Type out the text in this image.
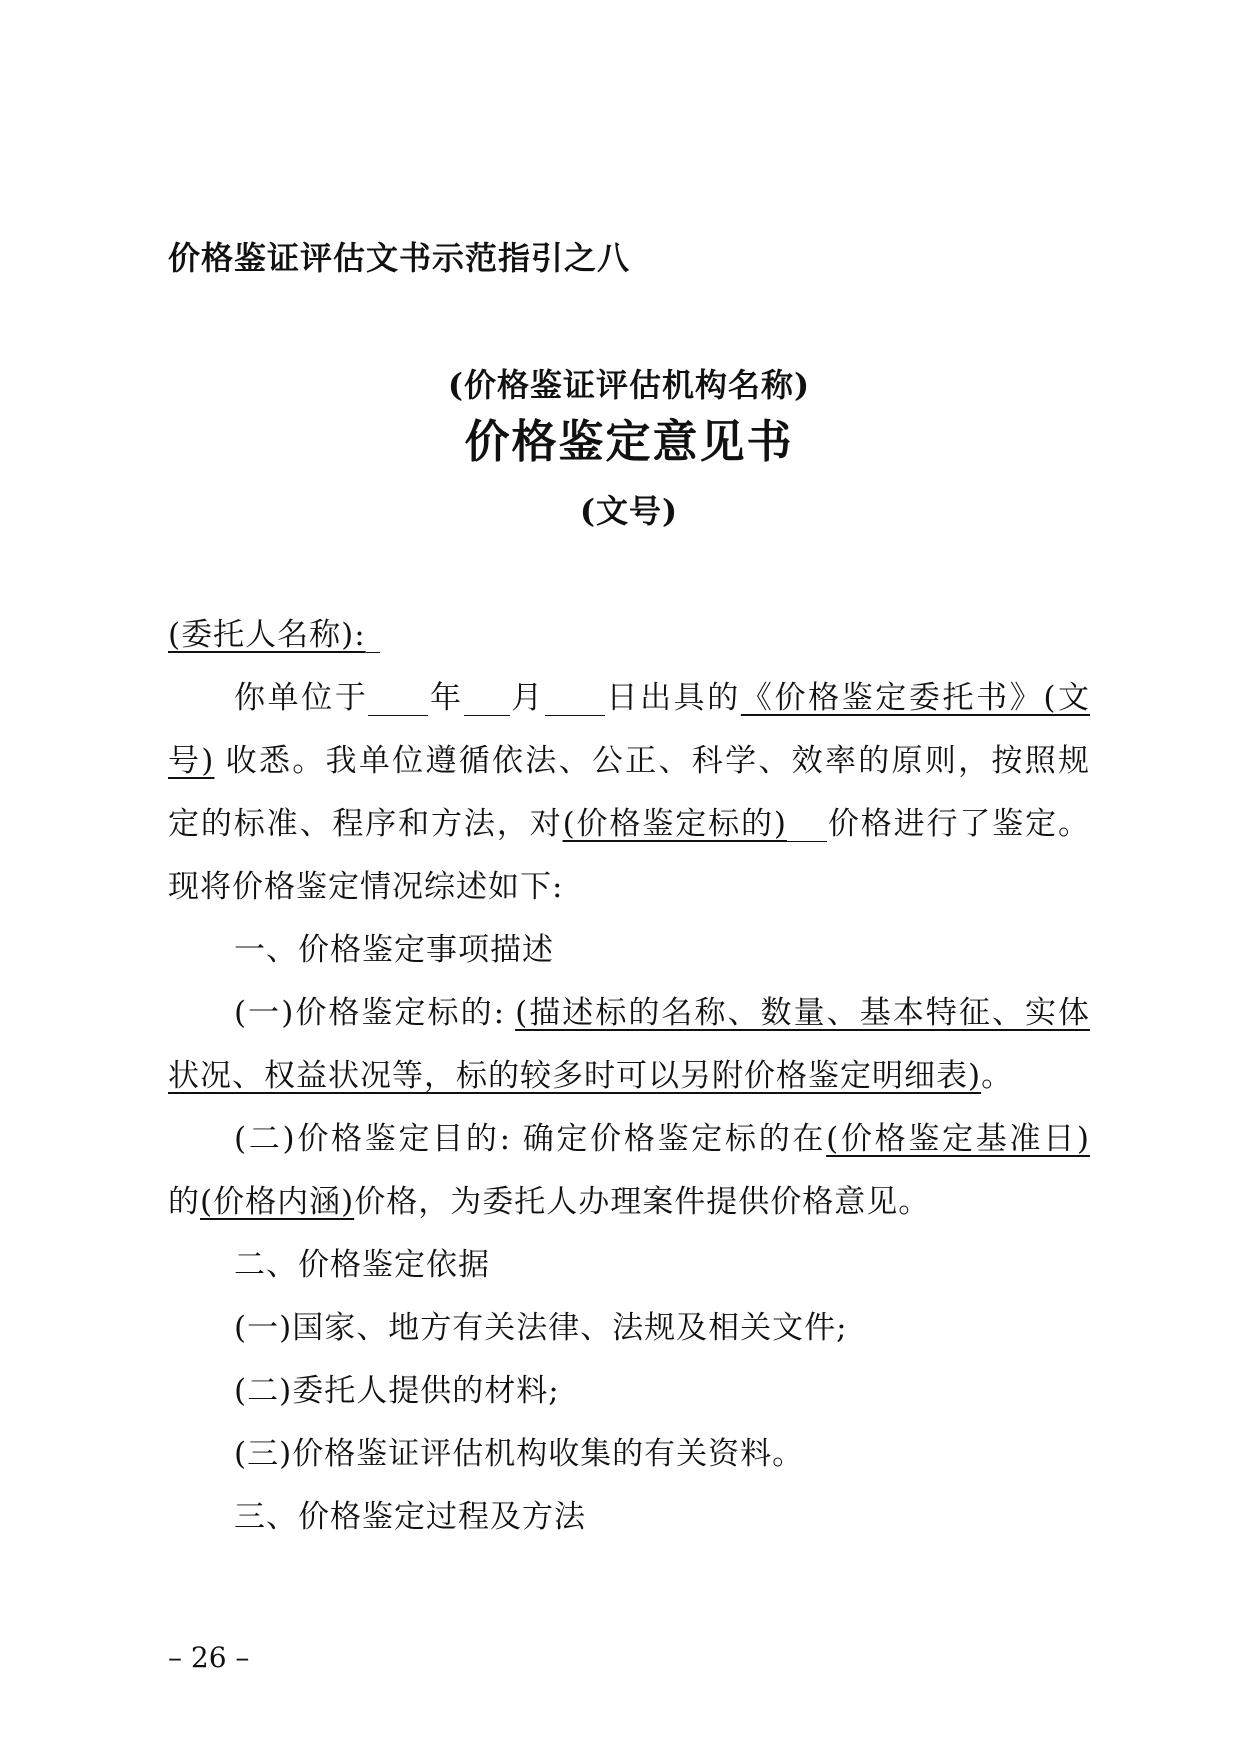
价格鉴证评估文书示范指引之八
(价格鉴证评估机构名称)
价格鉴定意见书
(文号)
(委托人名称):
你单位于 年 月 日出具的《价格鉴定委托书》(文
号) 收悉。我单位遵循依法、公正、科学、效率的原则，按照规
定的标准、程序和方法，对(价格鉴定标的) 价格进行了鉴定。
现将价格鉴定情况综述如下:
一、价格鉴定事项描述
(一)价格鉴定标的: (描述标的名称、数量、基本特征、实体
状况、权益状况等，标的较多时可以另附价格鉴定明细表)。
(二)价格鉴定目的: 确定价格鉴定标的在(价格鉴定基准日)
的(价格内涵)价格，为委托人办理案件提供价格意见。
二、价格鉴定依据
(一)国家、地方有关法律、法规及相关文件;
(二)委托人提供的材料;
(三)价格鉴证评估机构收集的有关资料。
三、价格鉴定过程及方法
– 26 –
